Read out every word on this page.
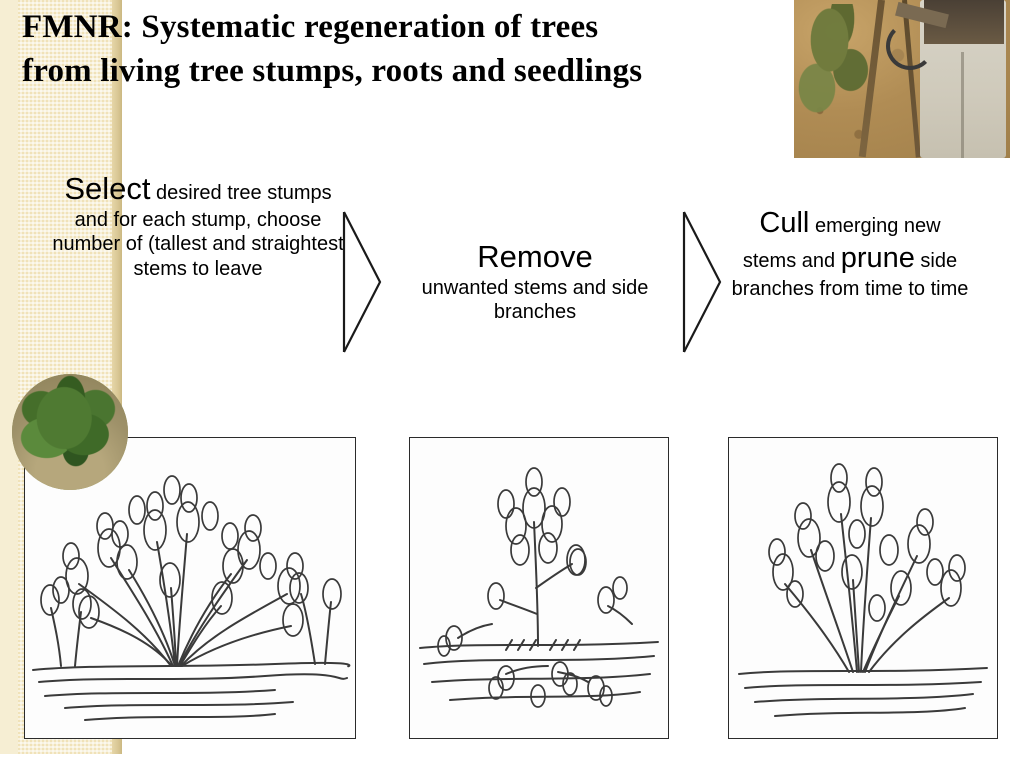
FMNR: Systematic regeneration of trees
from living tree stumps, roots and seedlings
Select desired tree stumps and for each stump, choose number of (tallest and straightest stems to leave	Remove
unwanted stems and side branches
Cull emerging new stems and prune side branches from time to time
